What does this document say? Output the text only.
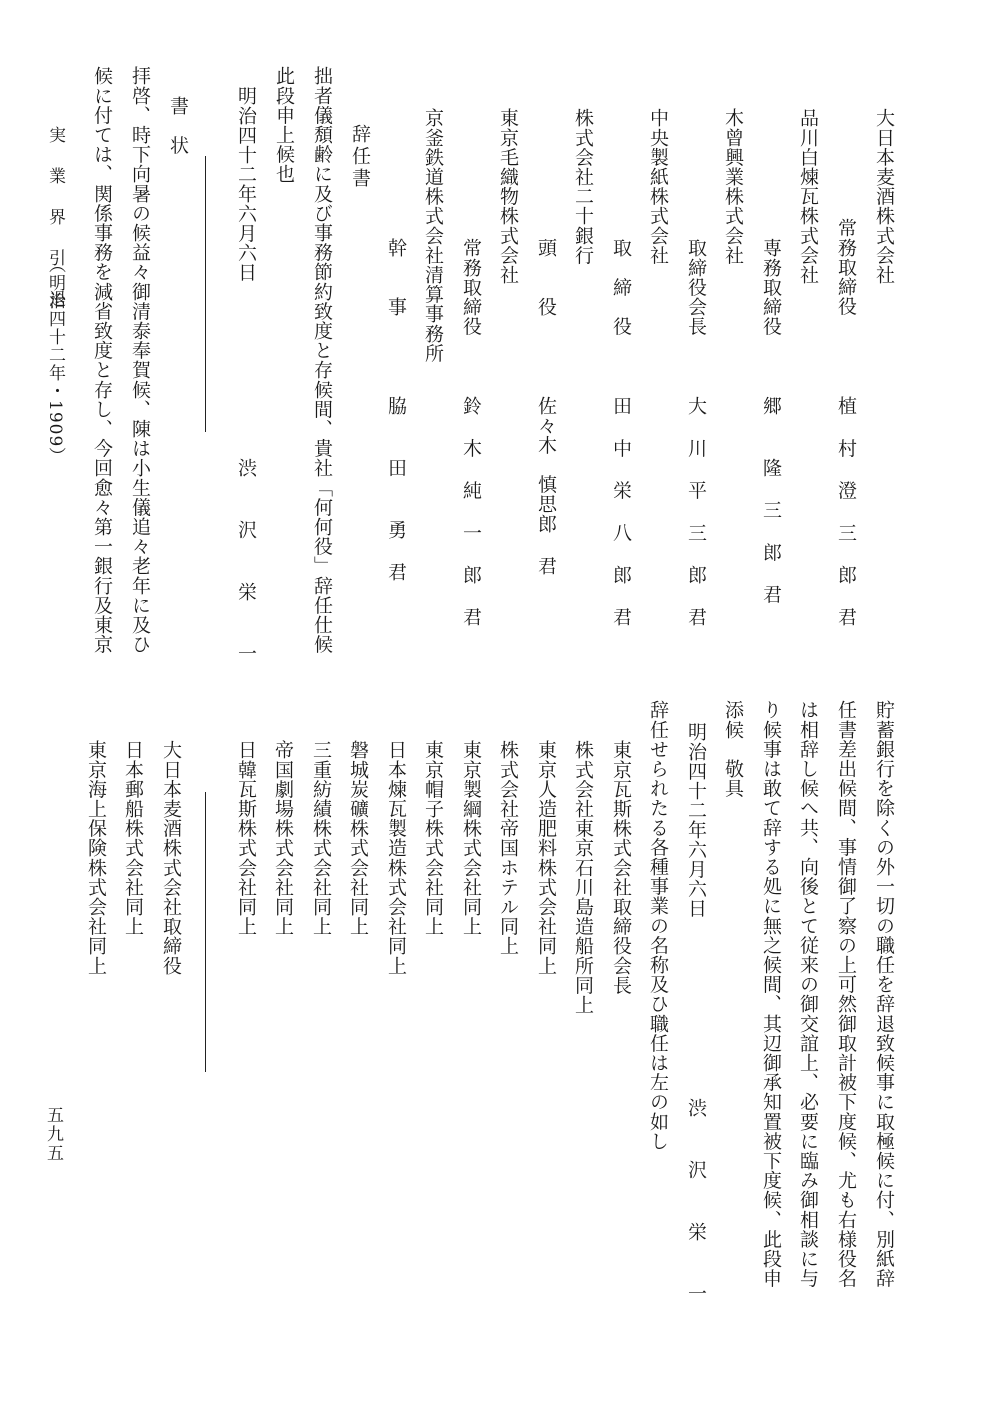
大日本麦酒株式会社
常務取締役
植 村 澄 三 郎 君
品川白煉瓦株式会社
専務取締役
郷　 隆 三 郎 君
木曾興業株式会社
取締役会長
大 川 平 三 郎 君
中央製紙株式会社
取　締　役
田 中 栄 八 郎 君
株式会社二十銀行
頭　　役
佐々木　慎思郎 君
東京毛織物株式会社
常務取締役
鈴 木 純 一 郎 君
京釜鉄道株式会社清算事務所
幹　　事
脇　 田　 勇 君
辞任書
拙者儀頽齢に及び事務節約致度と存候間、貴社「何何役」辞任仕候
此段申上候也
明治四十二年六月六日
渋　 沢　 栄　 一
書　状
拝啓、時下向暑の候益々御清泰奉賀候、陳は小生儀追々老年に及ひ
候に付ては、関係事務を減省致度と存し、今回愈々第一銀行及東京
実 業 界 引 退
（明治四十二年・1909）
貯蓄銀行を除くの外一切の職任を辞退致候事に取極候に付、別紙辞
任書差出候間、事情御了察の上可然御取計被下度候、尤も右様役名
は相辞し候へ共、向後とて従来の御交誼上、必要に臨み御相談に与
り候事は敢て辞する処に無之候間、其辺御承知置被下度候、此段申
添候　敬具
明治四十二年六月六日
渋　 沢　 栄　 一
辞任せられたる各種事業の名称及ひ職任は左の如し
東京瓦斯株式会社取締役会長
株式会社東京石川島造船所同上
東京人造肥料株式会社同上
株式会社帝国ホテル同上
東京製綱株式会社同上
東京帽子株式会社同上
日本煉瓦製造株式会社同上
磐城炭礦株式会社同上
三重紡績株式会社同上
帝国劇場株式会社同上
日韓瓦斯株式会社同上
大日本麦酒株式会社取締役
日本郵船株式会社同上
東京海上保険株式会社同上
五九五
